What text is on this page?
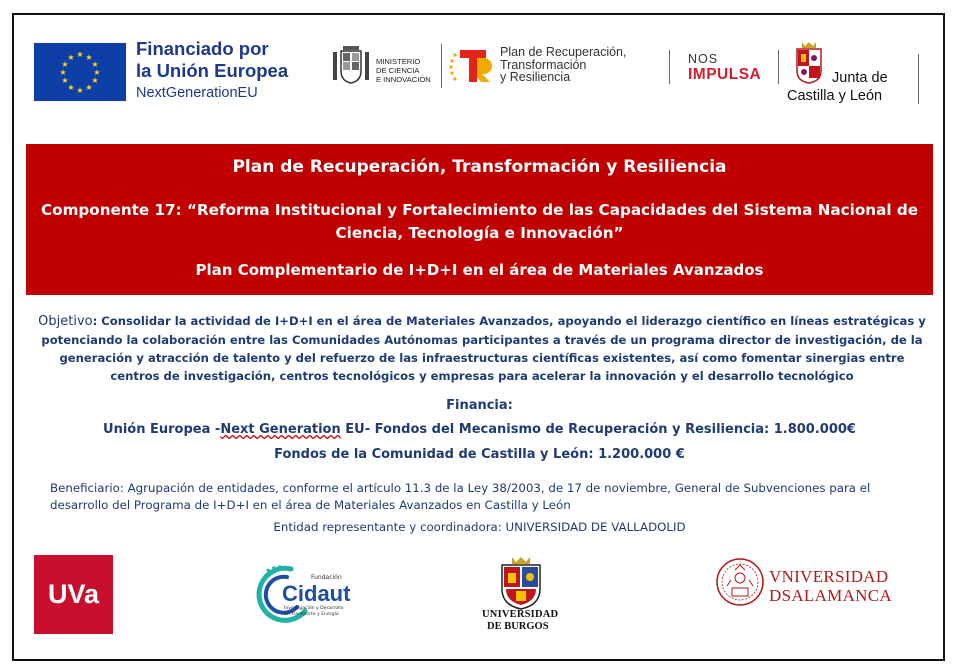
★ ★
★
★
★
★
★
★
★
★
★
★	Financiado por
la Unión Europea
NextGenerationEU
MINISTERIO
DE CIENCIA
E INNOVACIÓN
Plan de Recuperación,
Transformación
y Resiliencia
NOS
IMPULSA	Junta de
Castilla y León
Plan de Recuperación, Transformación y Resiliencia
Componente 17: “Reforma Institucional y Fortalecimiento de las Capacidades del Sistema Nacional de Ciencia, Tecnología e Innovación”
Plan Complementario de I+D+I en el área de Materiales Avanzados
Objetivo: Consolidar la actividad de I+D+I en el área de Materiales Avanzados, apoyando el liderazgo científico en líneas estratégicas y potenciando la colaboración entre las Comunidades Autónomas participantes a través de un programa director de investigación, de la generación y atracción de talento y del refuerzo de las infraestructuras científicas existentes, así como fomentar sinergias entre centros de investigación, centros tecnológicos y empresas para acelerar la innovación y el desarrollo tecnológico
Financia:
Unión Europea -Next Generation EU- Fondos del Mecanismo de Recuperación y Resiliencia: 1.800.000€
Fondos de la Comunidad de Castilla y León: 1.200.000 €
Beneficiario: Agrupación de entidades, conforme el artículo 11.3 de la Ley 38/2003, de 17 de noviembre, General de Subvenciones para el desarrollo del Programa de I+D+I en el área de Materiales Avanzados en Castilla y León
Entidad representante y coordinadora: UNIVERSIDAD DE VALLADOLID
UVa
Fundación
Cidaut
Investigación y Desarrollo en Transporte y Energía	UNIVERSIDAD
DE BURGOS
VNIVERSIDAD
DSALAMANCA
